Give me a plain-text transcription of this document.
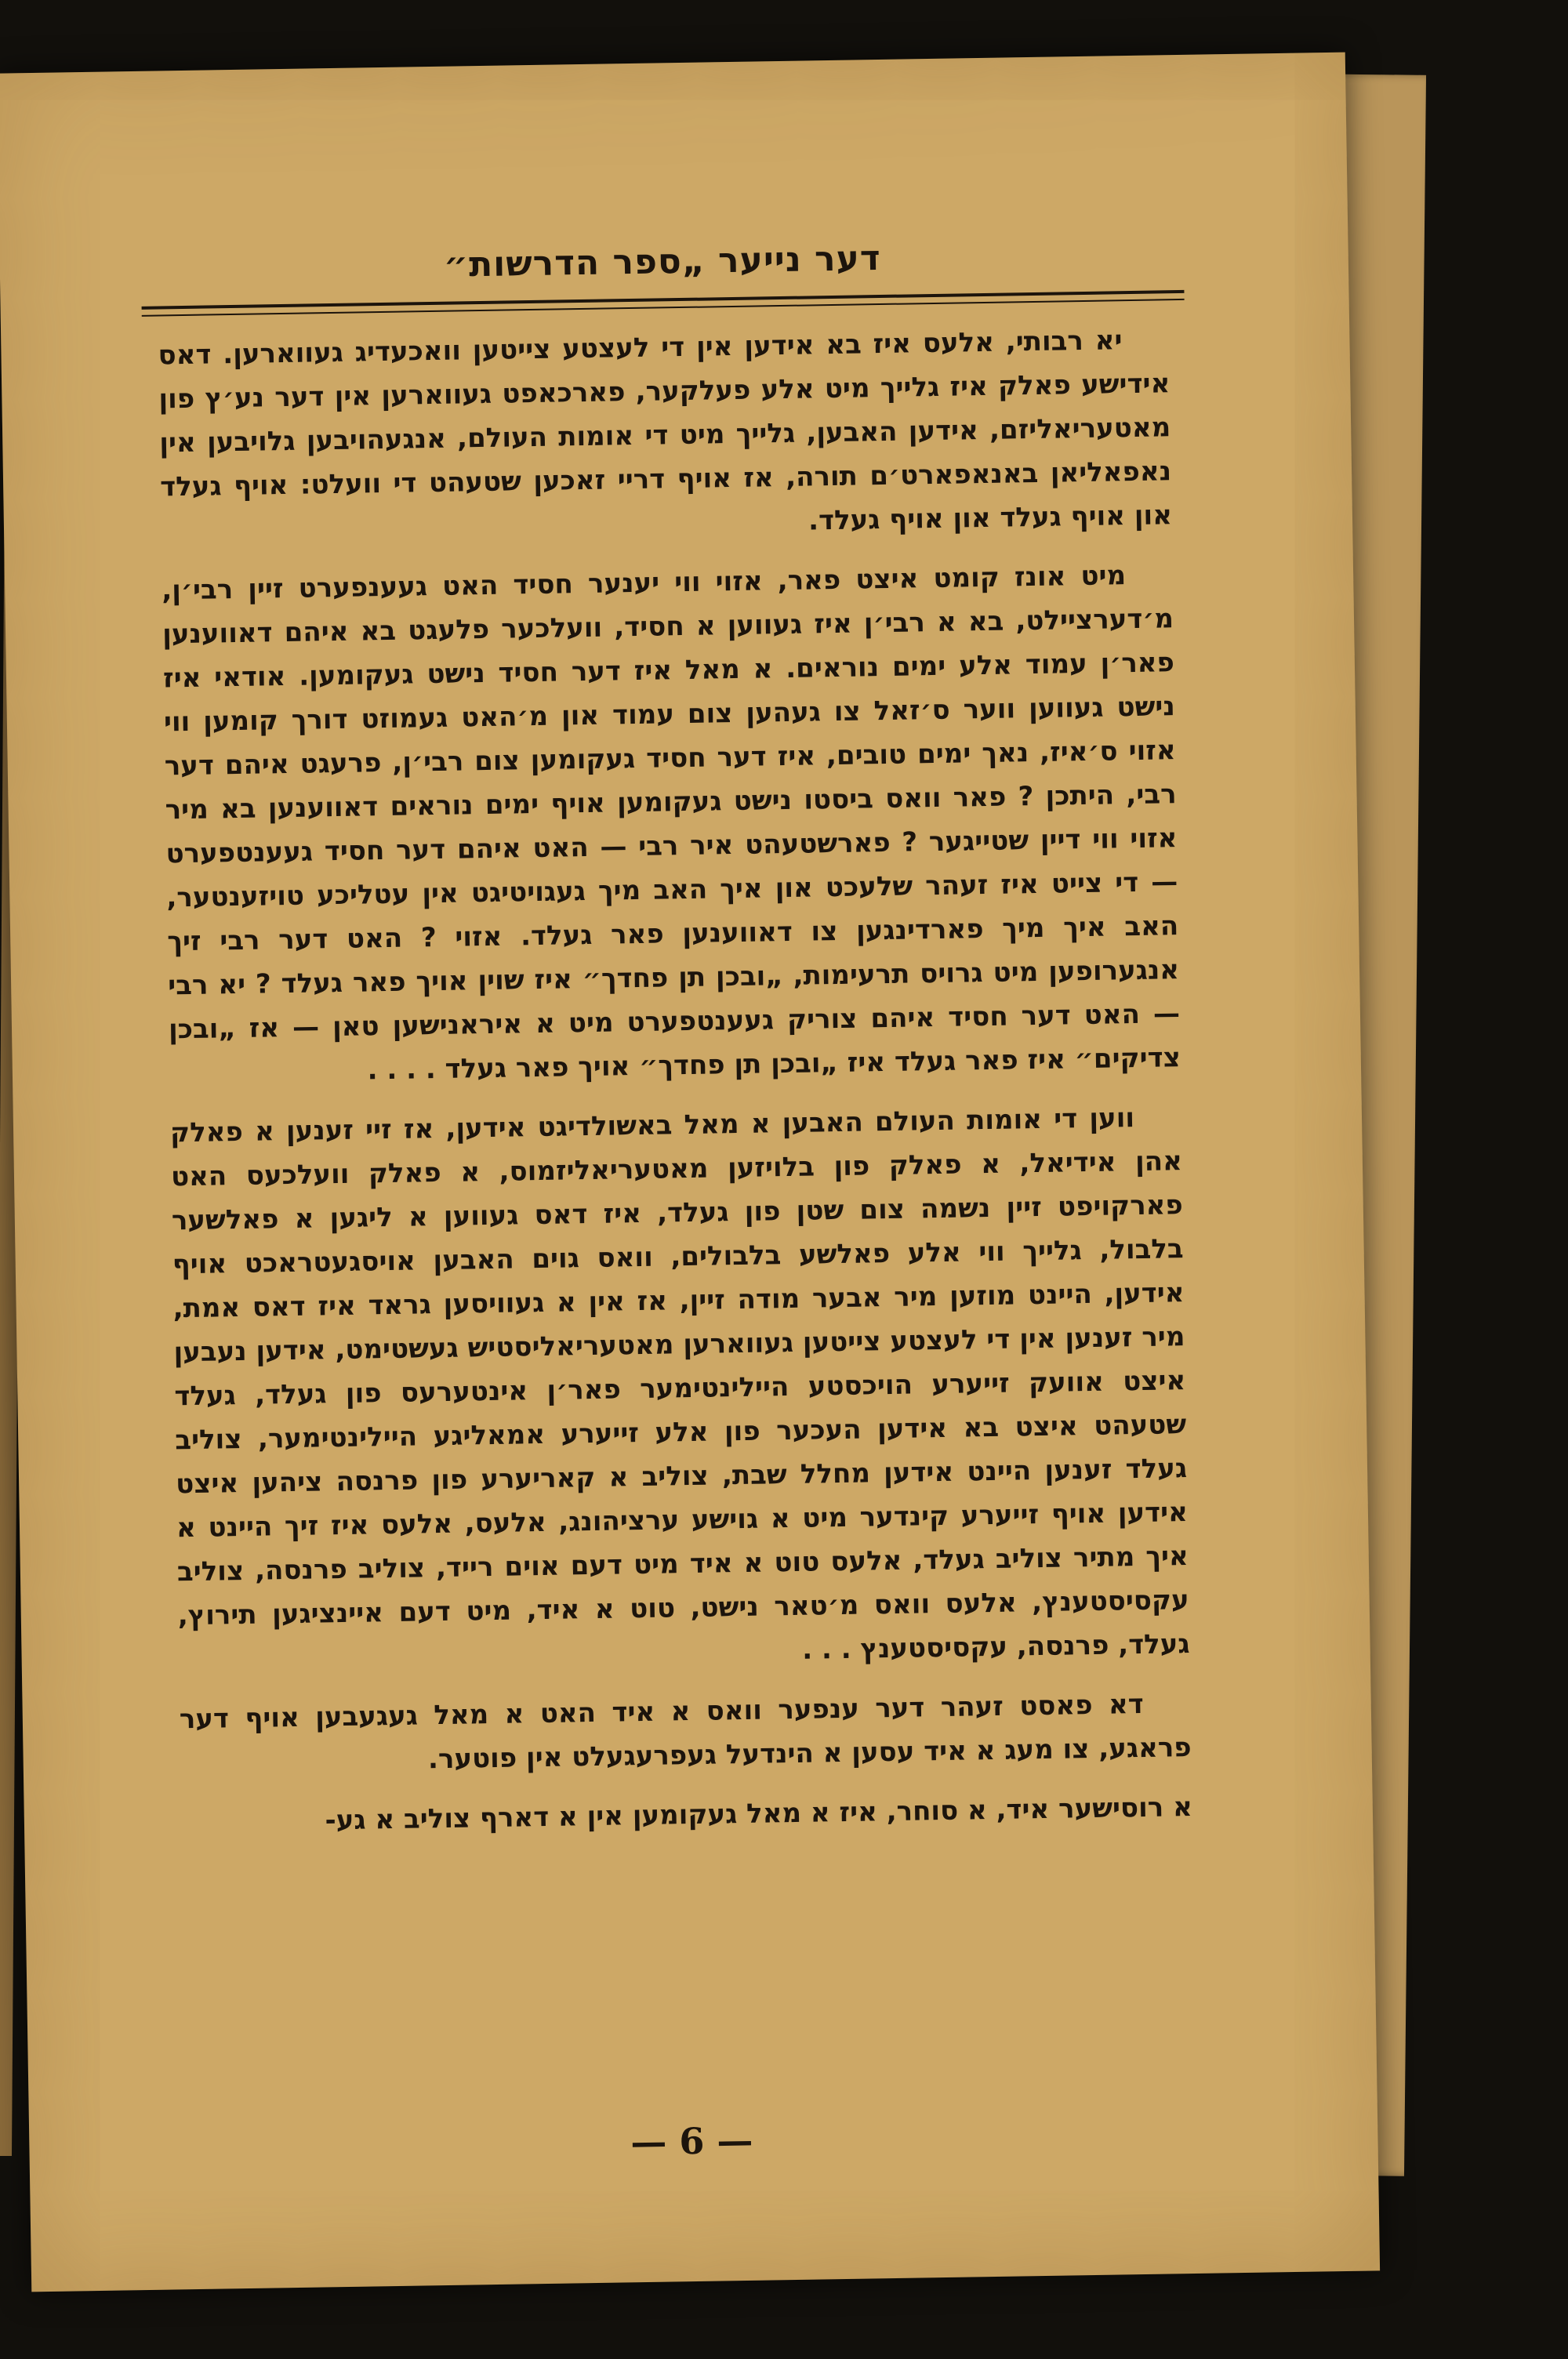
דער נייער „ספר הדרשות״

יא רבותי, אלעס איז בא אידען אין די לעצטע צייטען וואכעדיג געווארען. דאס אידישע פאלק איז גלייך מיט אלע פעלקער, פארכאפט געווארען אין דער נע׳ץ פון מאטעריאליזם, אידען האבען, גלייך מיט די אומות העולם, אנגעהויבען גלויבען אין נאפאליאן באנאפארט׳ם תורה, אז אויף דריי זאכען שטעהט די וועלט: אויף געלד און אויף געלד און אויף געלד.

מיט אונז קומט איצט פאר, אזוי ווי יענער חסיד האט געענפערט זיין רבי׳ן, מ׳דערציילט, בא א רבי׳ן איז געווען א חסיד, וועלכער פלעגט בא איהם דאווענען פאר׳ן עמוד אלע ימים נוראים. א מאל איז דער חסיד נישט געקומען. אודאי איז נישט געווען ווער ס׳זאל צו געהען צום עמוד און מ׳האט געמוזט דורך קומען ווי אזוי ס׳איז, נאך ימים טובים, איז דער חסיד געקומען צום רבי׳ן, פרעגט איהם דער רבי, היתכן ? פאר וואס ביסטו נישט געקומען אויף ימים נוראים דאווענען בא מיר אזוי ווי דיין שטייגער ? פארשטעהט איר רבי — האט איהם דער חסיד געענטפערט — די צייט איז זעהר שלעכט און איך האב מיך געגויטיגט אין עטליכע טויזענטער, האב איך מיך פארדינגען צו דאווענען פאר געלד. אזוי ? האט דער רבי זיך אנגערופען מיט גרויס תרעימות, „ובכן תן פחדך״ איז שוין אויך פאר געלד ? יא רבי — האט דער חסיד איהם צוריק געענטפערט מיט א איראנישען טאן — אז „ובכן צדיקים״ איז פאר געלד איז „ובכן תן פחדך״ אויך פאר געלד . . . .

ווען די אומות העולם האבען א מאל באשולדיגט אידען, אז זיי זענען א פאלק אהן אידיאל, א פאלק פון בלויזען מאטעריאליזמוס, א פאלק וועלכעס האט פארקויפט זיין נשמה צום שטן פון געלד, איז דאס געווען א ליגען א פאלשער בלבול, גלייך ווי אלע פאלשע בלבולים, וואס גוים האבען אויסגעטראכט אויף אידען, היינט מוזען מיר אבער מודה זיין, אז אין א געוויסען גראד איז דאס אמת, מיר זענען אין די לעצטע צייטען געווארען מאטעריאליסטיש געשטימט, אידען נעבען איצט אוועק זייערע הויכסטע היילינטימער פאר׳ן אינטערעס פון געלד, געלד שטעהט איצט בא אידען העכער פון אלע זייערע אמאליגע היילינטימער, צוליב געלד זענען היינט אידען מחלל שבת, צוליב א קאריערע פון פרנסה ציהען איצט אידען אויף זייערע קינדער מיט א גוישע ערציהונג, אלעס, אלעס איז זיך היינט א איך מתיר צוליב געלד, אלעס טוט א איד מיט דעם אוים רייד, צוליב פרנסה, צוליב עקסיסטענץ, אלעס וואס מ׳טאר נישט, טוט א איד, מיט דעם איינציגען תירוץ, געלד, פרנסה, עקסיסטענץ . . .

דא פאסט זעהר דער ענפער וואס א איד האט א מאל געגעבען אויף דער פראגע, צו מעג א איד עסען א הינדעל געפרעגעלט אין פוטער.

א רוסישער איד, א סוחר, איז א מאל געקומען אין א דארף צוליב א גע-

— 6 —
